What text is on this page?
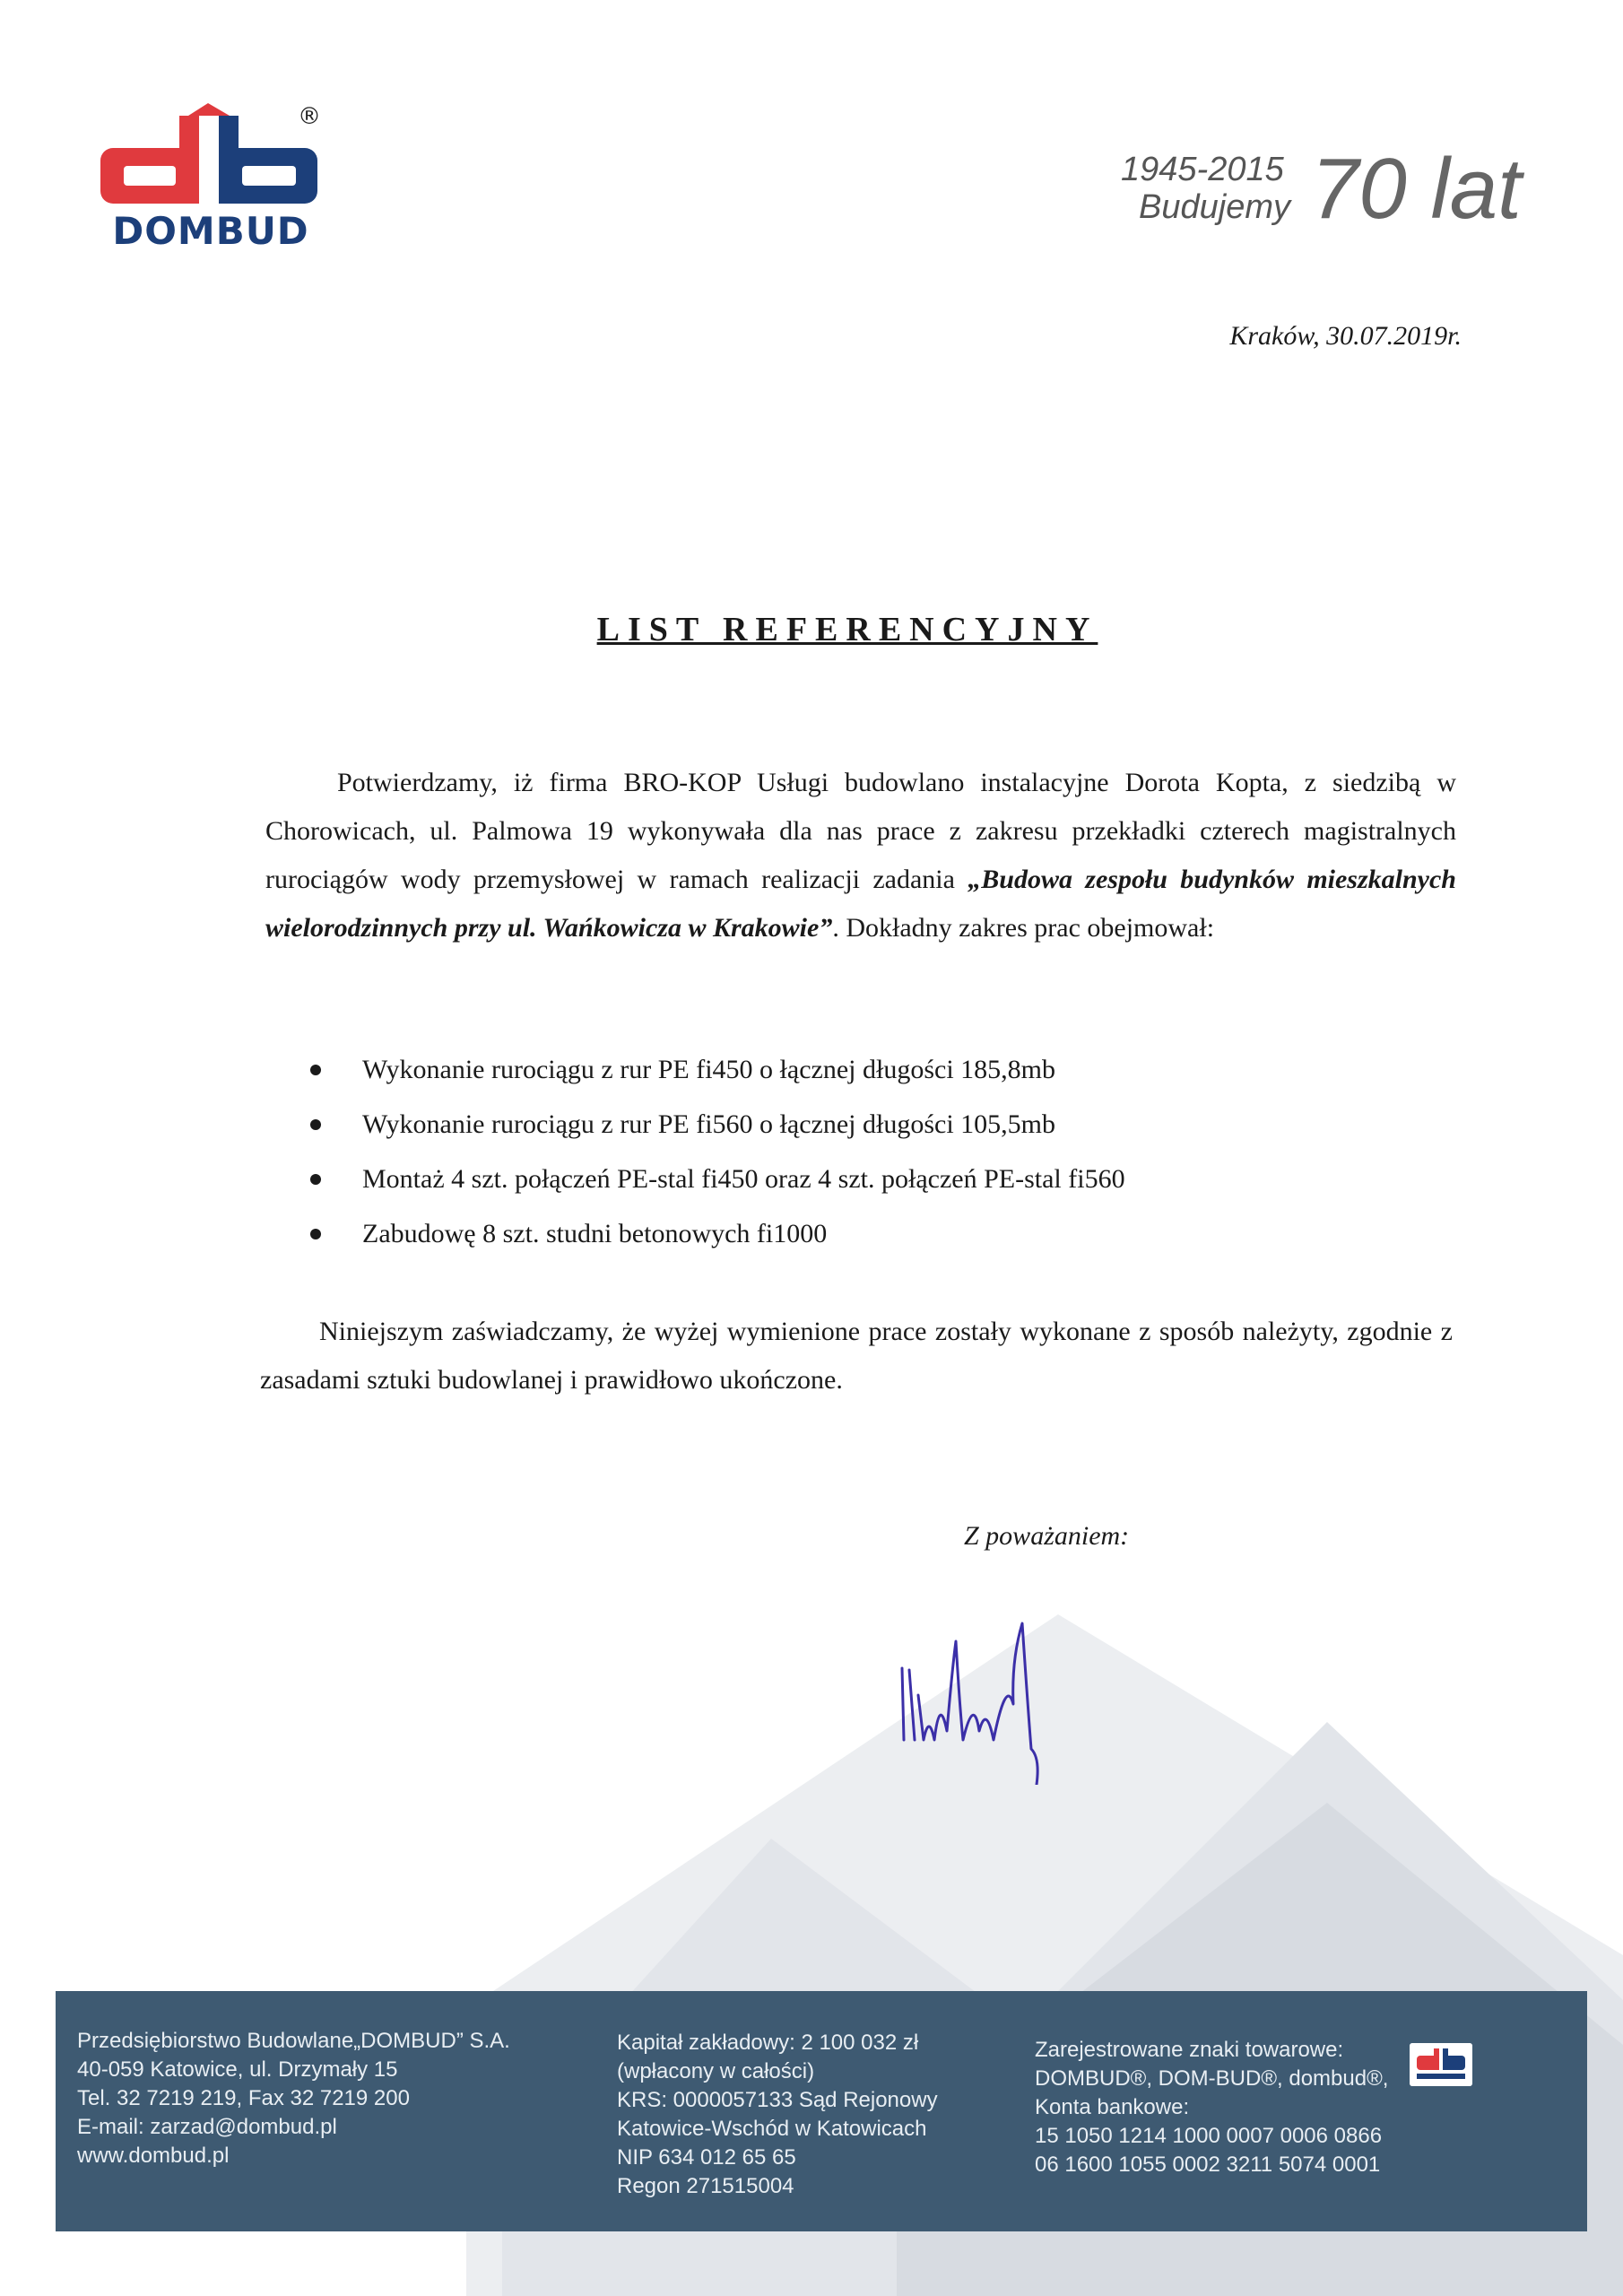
®
DOMBUD
1945-2015
Budujemy 70 lat
Kraków, 30.07.2019r.
LIST REFERENCYJNY
Potwierdzamy, iż firma BRO-KOP Usługi budowlano instalacyjne Dorota Kopta, z siedzibą w Chorowicach, ul. Palmowa 19 wykonywała dla nas prace z zakresu przekładki czterech magistralnych rurociągów wody przemysłowej w ramach realizacji zadania „Budowa zespołu budynków mieszkalnych wielorodzinnych przy ul. Wańkowicza w Krakowie”. Dokładny zakres prac obejmował:
Wykonanie rurociągu z rur PE fi450 o łącznej długości 185,8mb
Wykonanie rurociągu z rur PE fi560 o łącznej długości 105,5mb
Montaż 4 szt. połączeń PE-stal fi450 oraz 4 szt. połączeń PE-stal fi560
Zabudowę 8 szt. studni betonowych fi1000
Niniejszym zaświadczamy, że wyżej wymienione prace zostały wykonane z sposób należyty, zgodnie z zasadami sztuki budowlanej i prawidłowo ukończone.
Z poważaniem:
Przedsiębiorstwo Budowlane„DOMBUD” S.A.
40-059 Katowice, ul. Drzymały 15
Tel. 32 7219 219, Fax 32 7219 200
E-mail: zarzad@dombud.pl
www.dombud.pl
Kapitał zakładowy: 2 100 032 zł
(wpłacony w całości)
KRS: 0000057133 Sąd Rejonowy
Katowice-Wschód w Katowicach
NIP 634 012 65 65
Regon 271515004
Zarejestrowane znaki towarowe:
DOMBUD®, DOM-BUD®, dombud®,
Konta bankowe:
15 1050 1214 1000 0007 0006 0866
06 1600 1055 0002 3211 5074 0001
